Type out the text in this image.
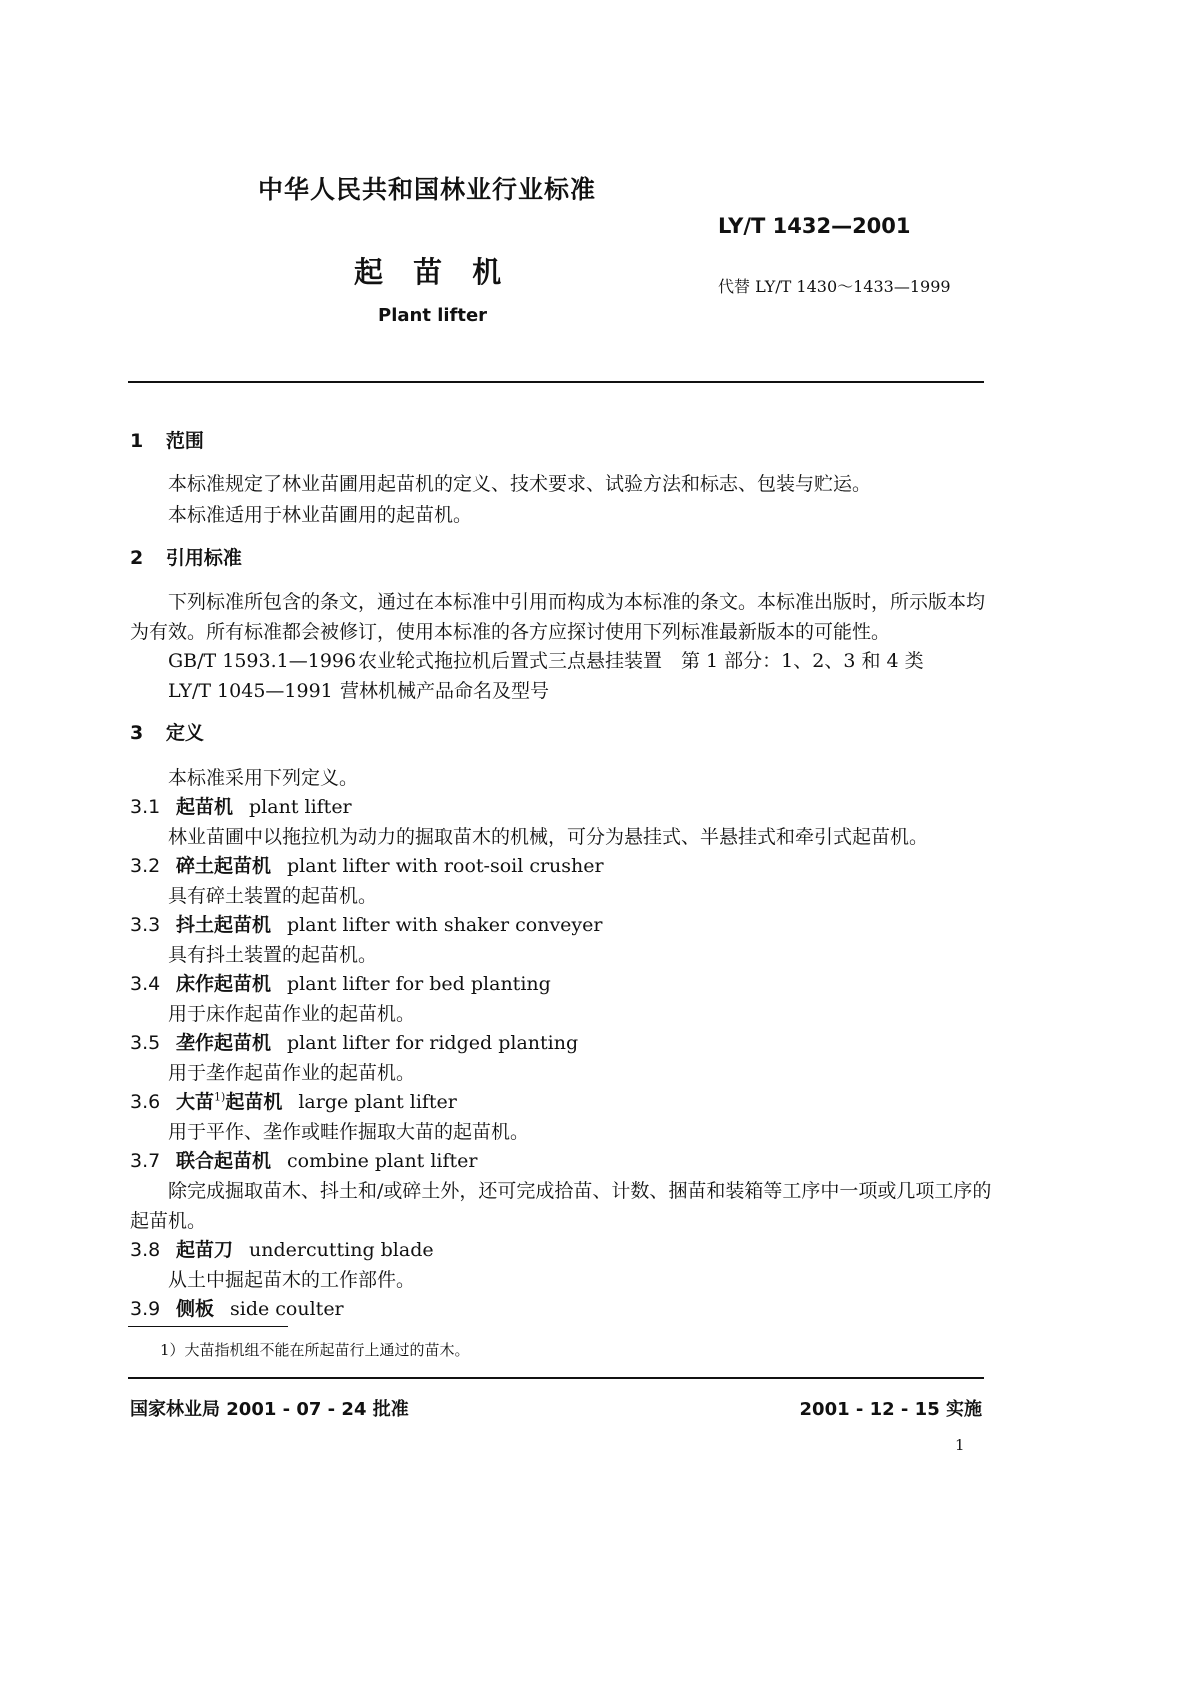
中华人民共和国林业行业标准
LY/T 1432—2001
起 苗 机	代替 LY/T 1430～1433—1999
Plant lifter
1 范围
本标准规定了林业苗圃用起苗机的定义、技术要求、试验方法和标志、包装与贮运。
本标准适用于林业苗圃用的起苗机。
2 引用标准
下列标准所包含的条文，通过在本标准中引用而构成为本标准的条文。本标准出版时，所示版本均
为有效。所有标准都会被修订，使用本标准的各方应探讨使用下列标准最新版本的可能性。
GB/T 1593.1—1996 农业轮式拖拉机后置式三点悬挂装置　第 1 部分：1、2、3 和 4 类
LY/T 1045—1991 营林机械产品命名及型号
3 定义
本标准采用下列定义。
3.1 起苗机 plant lifter
林业苗圃中以拖拉机为动力的掘取苗木的机械，可分为悬挂式、半悬挂式和牵引式起苗机。
3.2 碎土起苗机 plant lifter with root-soil crusher
具有碎土装置的起苗机。
3.3 抖土起苗机 plant lifter with shaker conveyer
具有抖土装置的起苗机。
3.4 床作起苗机 plant lifter for bed planting
用于床作起苗作业的起苗机。
3.5 垄作起苗机 plant lifter for ridged planting
用于垄作起苗作业的起苗机。
3.6 大苗$^{1)}$起苗机 large plant lifter
用于平作、垄作或畦作掘取大苗的起苗机。
3.7 联合起苗机 combine plant lifter
除完成掘取苗木、抖土和/或碎土外，还可完成拾苗、计数、捆苗和装箱等工序中一项或几项工序的
起苗机。
3.8 起苗刀 undercutting blade
从土中掘起苗木的工作部件。
3.9 侧板 side coulter
1）大苗指机组不能在所起苗行上通过的苗木。
国家林业局 2001 - 07 - 24 批准	2001 - 12 - 15 实施
1
